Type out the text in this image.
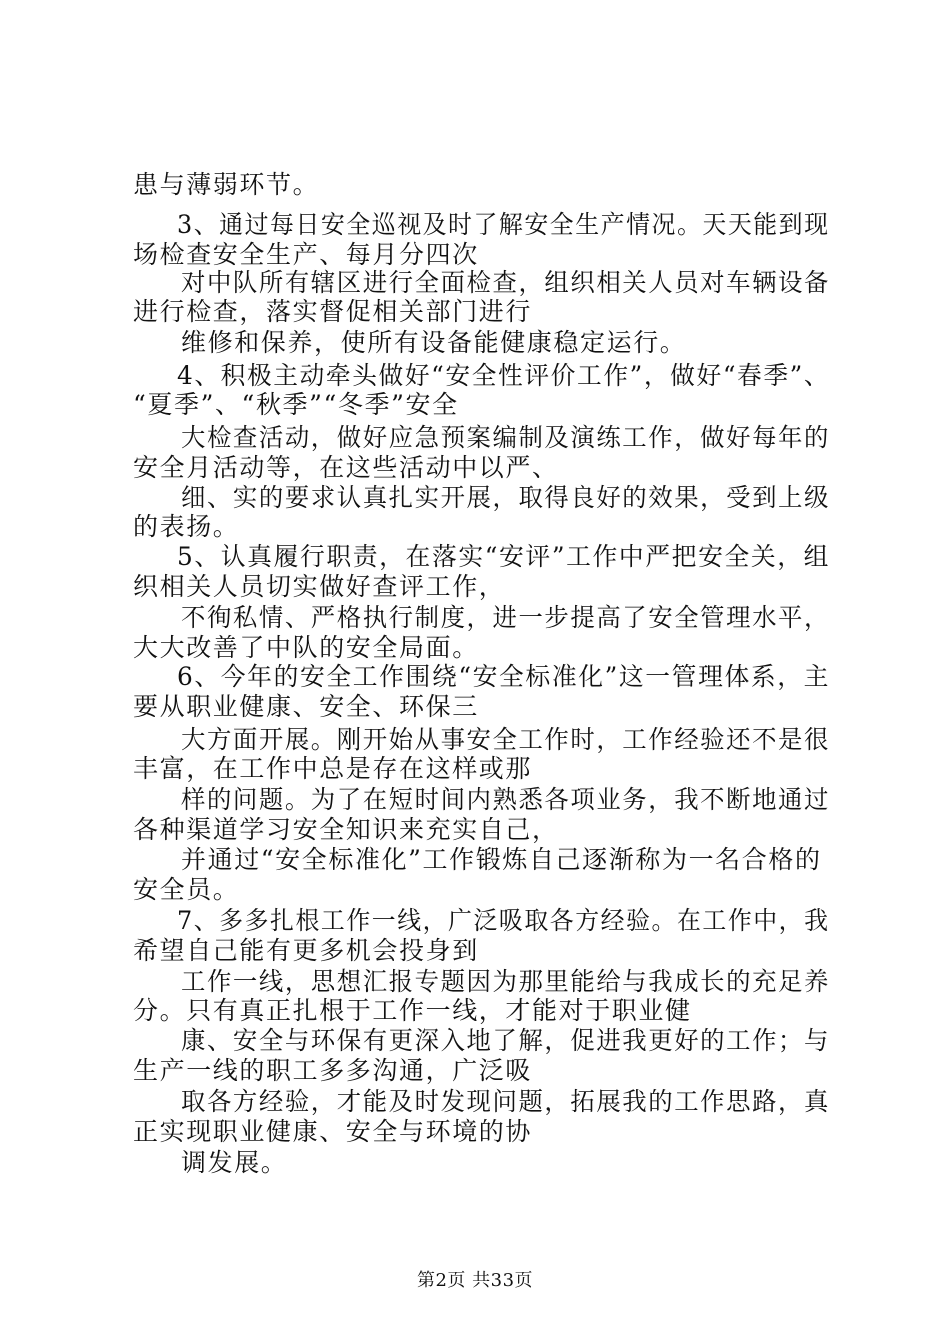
患与薄弱环节。
3、通过每日安全巡视及时了解安全生产情况。天天能到现
场检查安全生产、每月分四次
对中队所有辖区进行全面检查，组织相关人员对车辆设备
进行检查，落实督促相关部门进行
维修和保养，使所有设备能健康稳定运行。
4、积极主动牵头做好“安全性评价工作”，做好“春季”、
“夏季”、“秋季”“冬季”安全
大检查活动，做好应急预案编制及演练工作，做好每年的
安全月活动等，在这些活动中以严、
细、实的要求认真扎实开展，取得良好的效果，受到上级
的表扬。
5、认真履行职责，在落实“安评”工作中严把安全关，组
织相关人员切实做好查评工作，
不徇私情、严格执行制度，进一步提高了安全管理水平，
大大改善了中队的安全局面。
6、今年的安全工作围绕“安全标准化”这一管理体系，主
要从职业健康、安全、环保三
大方面开展。刚开始从事安全工作时，工作经验还不是很
丰富，在工作中总是存在这样或那
样的问题。为了在短时间内熟悉各项业务，我不断地通过
各种渠道学习安全知识来充实自己，
并通过“安全标准化”工作锻炼自己逐渐称为一名合格的
安全员。
7、多多扎根工作一线，广泛吸取各方经验。在工作中，我
希望自己能有更多机会投身到
工作一线，思想汇报专题因为那里能给与我成长的充足养
分。只有真正扎根于工作一线，才能对于职业健
康、安全与环保有更深入地了解，促进我更好的工作；与
生产一线的职工多多沟通，广泛吸
取各方经验，才能及时发现问题，拓展我的工作思路，真
正实现职业健康、安全与环境的协
调发展。
第2页 共33页
